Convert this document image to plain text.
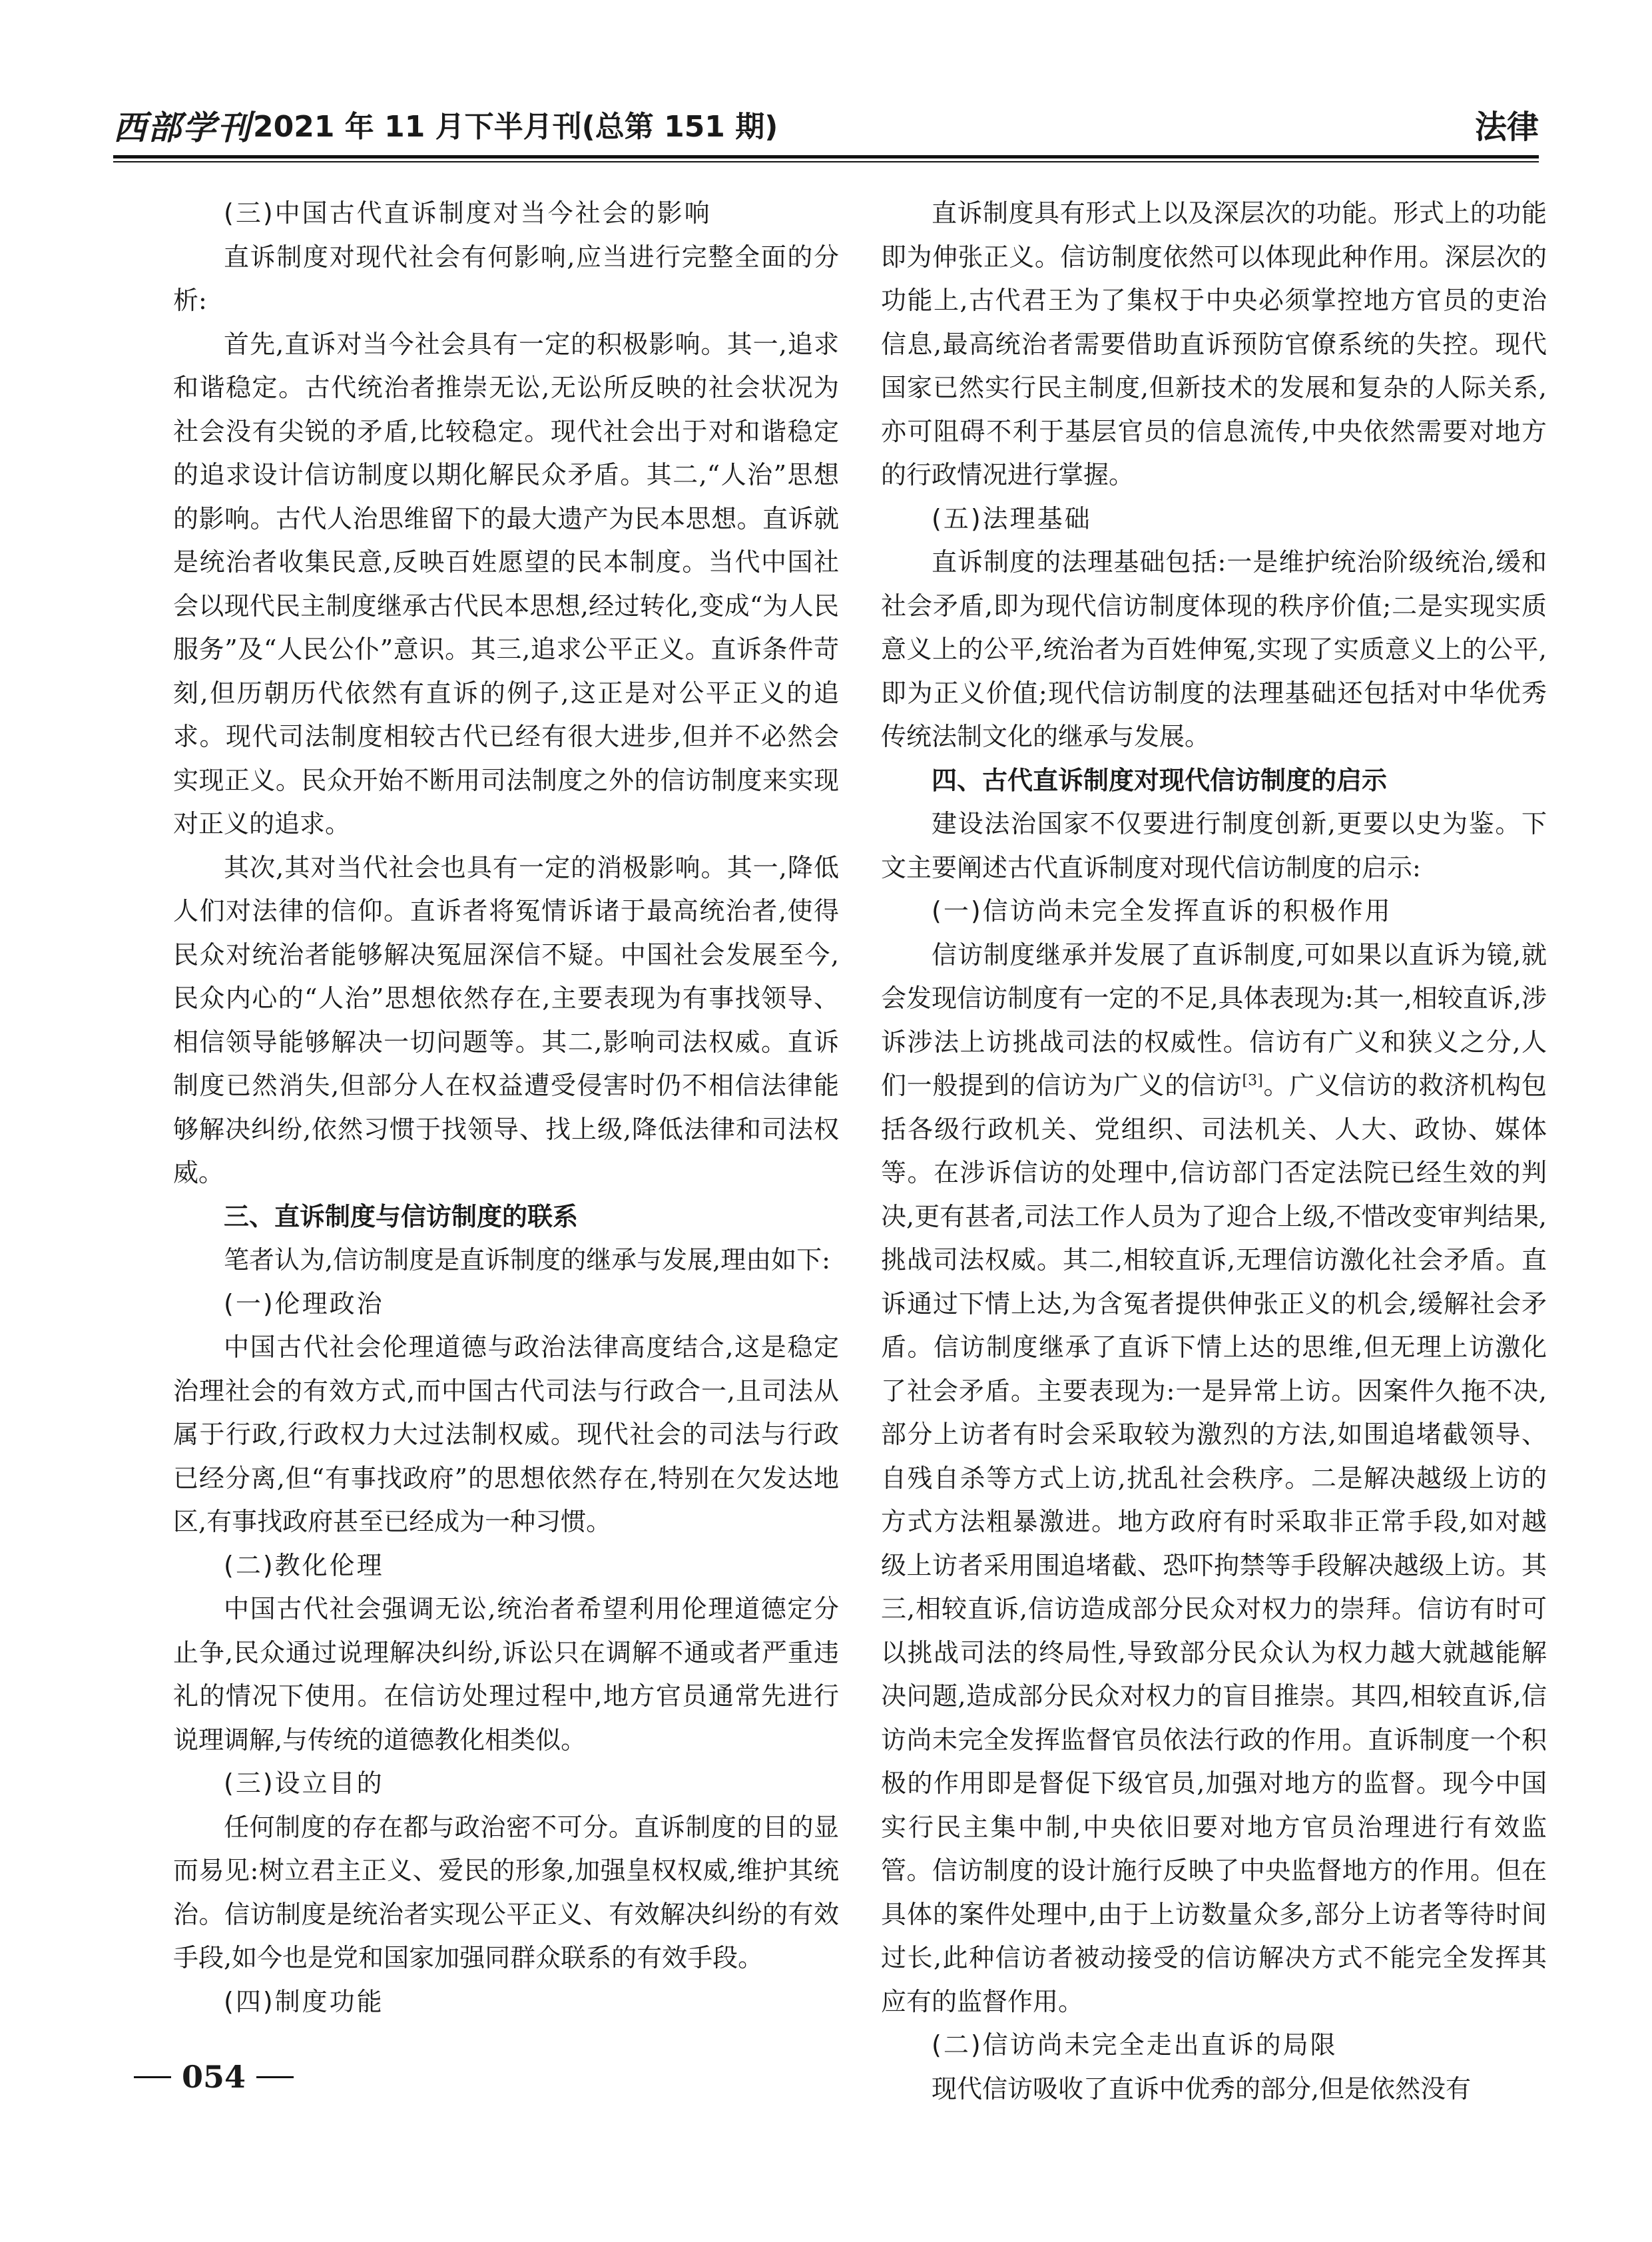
西部学刊 2021 年 11 月下半月刊(总第 151 期)	法律

(三)中国古代直诉制度对当今社会的影响

直诉制度对现代社会有何影响,应当进行完整全面的分析:

首先,直诉对当今社会具有一定的积极影响。其一,追求和谐稳定。古代统治者推崇无讼,无讼所反映的社会状况为社会没有尖锐的矛盾,比较稳定。现代社会出于对和谐稳定的追求设计信访制度以期化解民众矛盾。其二,“人治”思想的影响。古代人治思维留下的最大遗产为民本思想。直诉就是统治者收集民意,反映百姓愿望的民本制度。当代中国社会以现代民主制度继承古代民本思想,经过转化,变成“为人民服务”及“人民公仆”意识。其三,追求公平正义。直诉条件苛刻,但历朝历代依然有直诉的例子,这正是对公平正义的追求。现代司法制度相较古代已经有很大进步,但并不必然会实现正义。民众开始不断用司法制度之外的信访制度来实现对正义的追求。

其次,其对当代社会也具有一定的消极影响。其一,降低人们对法律的信仰。直诉者将冤情诉诸于最高统治者,使得民众对统治者能够解决冤屈深信不疑。中国社会发展至今,民众内心的“人治”思想依然存在,主要表现为有事找领导、相信领导能够解决一切问题等。其二,影响司法权威。直诉制度已然消失,但部分人在权益遭受侵害时仍不相信法律能够解决纠纷,依然习惯于找领导、找上级,降低法律和司法权威。

三、直诉制度与信访制度的联系

笔者认为,信访制度是直诉制度的继承与发展,理由如下:

(一)伦理政治

中国古代社会伦理道德与政治法律高度结合,这是稳定治理社会的有效方式,而中国古代司法与行政合一,且司法从属于行政,行政权力大过法制权威。现代社会的司法与行政已经分离,但“有事找政府”的思想依然存在,特别在欠发达地区,有事找政府甚至已经成为一种习惯。

(二)教化伦理

中国古代社会强调无讼,统治者希望利用伦理道德定分止争,民众通过说理解决纠纷,诉讼只在调解不通或者严重违礼的情况下使用。在信访处理过程中,地方官员通常先进行说理调解,与传统的道德教化相类似。

(三)设立目的

任何制度的存在都与政治密不可分。直诉制度的目的显而易见:树立君主正义、爱民的形象,加强皇权权威,维护其统治。信访制度是统治者实现公平正义、有效解决纠纷的有效手段,如今也是党和国家加强同群众联系的有效手段。

(四)制度功能

直诉制度具有形式上以及深层次的功能。形式上的功能即为伸张正义。信访制度依然可以体现此种作用。深层次的功能上,古代君王为了集权于中央必须掌控地方官员的吏治信息,最高统治者需要借助直诉预防官僚系统的失控。现代国家已然实行民主制度,但新技术的发展和复杂的人际关系,亦可阻碍不利于基层官员的信息流传,中央依然需要对地方的行政情况进行掌握。

(五)法理基础

直诉制度的法理基础包括:一是维护统治阶级统治,缓和社会矛盾,即为现代信访制度体现的秩序价值;二是实现实质意义上的公平,统治者为百姓伸冤,实现了实质意义上的公平,即为正义价值;现代信访制度的法理基础还包括对中华优秀传统法制文化的继承与发展。

四、古代直诉制度对现代信访制度的启示

建设法治国家不仅要进行制度创新,更要以史为鉴。下文主要阐述古代直诉制度对现代信访制度的启示:

(一)信访尚未完全发挥直诉的积极作用

信访制度继承并发展了直诉制度,可如果以直诉为镜,就会发现信访制度有一定的不足,具体表现为:其一,相较直诉,涉诉涉法上访挑战司法的权威性。信访有广义和狭义之分,人们一般提到的信访为广义的信访[3]。广义信访的救济机构包括各级行政机关、党组织、司法机关、人大、政协、媒体等。在涉诉信访的处理中,信访部门否定法院已经生效的判决,更有甚者,司法工作人员为了迎合上级,不惜改变审判结果,挑战司法权威。其二,相较直诉,无理信访激化社会矛盾。直诉通过下情上达,为含冤者提供伸张正义的机会,缓解社会矛盾。信访制度继承了直诉下情上达的思维,但无理上访激化了社会矛盾。主要表现为:一是异常上访。因案件久拖不决,部分上访者有时会采取较为激烈的方法,如围追堵截领导、自残自杀等方式上访,扰乱社会秩序。二是解决越级上访的方式方法粗暴激进。地方政府有时采取非正常手段,如对越级上访者采用围追堵截、恐吓拘禁等手段解决越级上访。其三,相较直诉,信访造成部分民众对权力的崇拜。信访有时可以挑战司法的终局性,导致部分民众认为权力越大就越能解决问题,造成部分民众对权力的盲目推崇。其四,相较直诉,信访尚未完全发挥监督官员依法行政的作用。直诉制度一个积极的作用即是督促下级官员,加强对地方的监督。现今中国实行民主集中制,中央依旧要对地方官员治理进行有效监管。信访制度的设计施行反映了中央监督地方的作用。但在具体的案件处理中,由于上访数量众多,部分上访者等待时间过长,此种信访者被动接受的信访解决方式不能完全发挥其应有的监督作用。

(二)信访尚未完全走出直诉的局限

现代信访吸收了直诉中优秀的部分,但是依然没有

054
